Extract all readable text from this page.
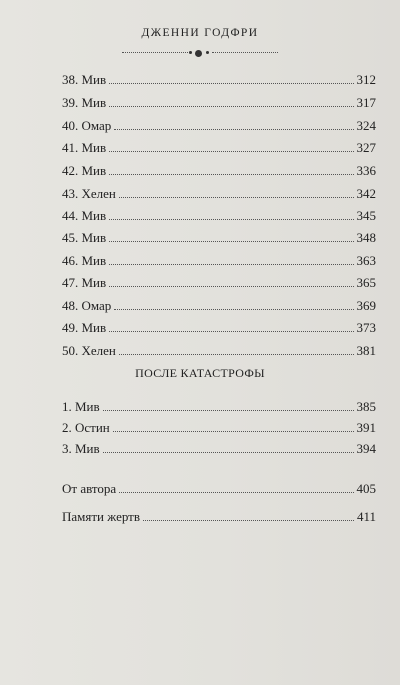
ДЖЕННИ ГОДФРИ
38. Мив	312
39. Мив	317
40. Омар	324
41. Мив	327
42. Мив	336
43. Хелен	342
44. Мив	345
45. Мив	348
46. Мив	363
47. Мив	365
48. Омар	369
49. Мив	373
50. Хелен	381
ПОСЛЕ КАТАСТРОФЫ
1. Мив	385
2. Остин	391
3. Мив	394
От автора	405
Памяти жертв	411
